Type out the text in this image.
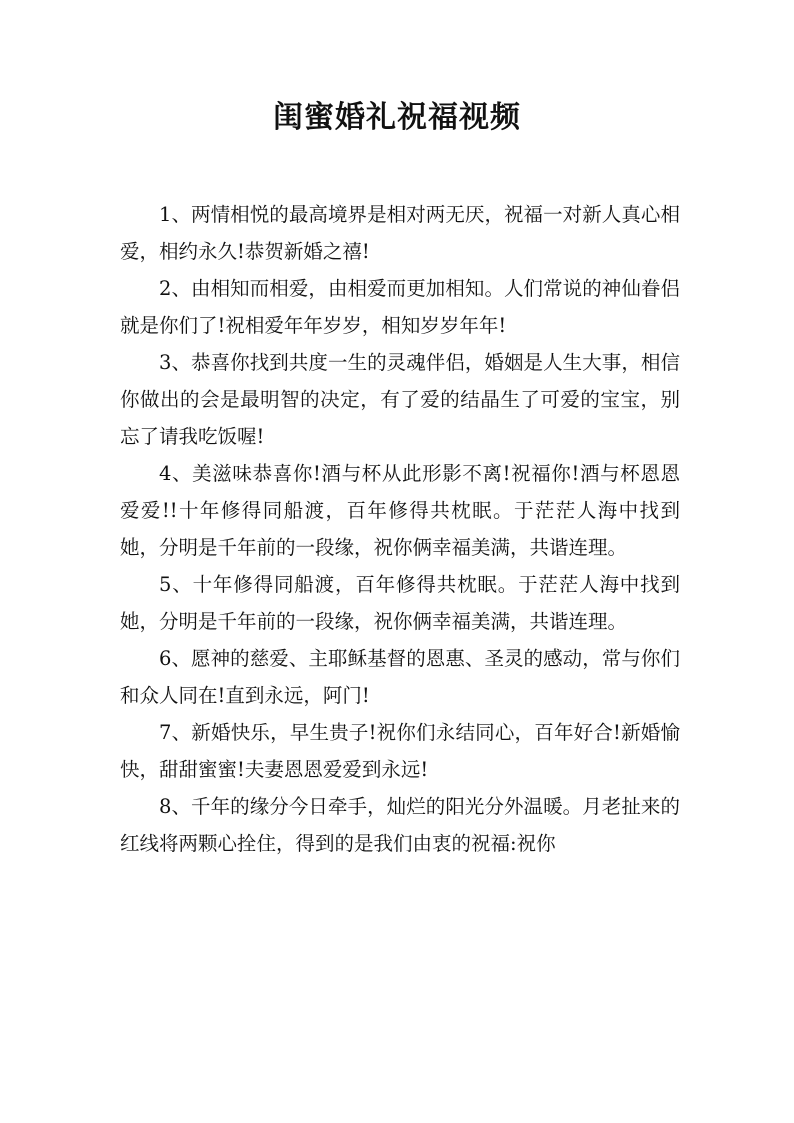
闺蜜婚礼祝福视频

1、两情相悦的最高境界是相对两无厌，祝福一对新人真心相爱，相约永久!恭贺新婚之禧!

2、由相知而相爱，由相爱而更加相知。人们常说的神仙眷侣就是你们了!祝相爱年年岁岁，相知岁岁年年!

3、恭喜你找到共度一生的灵魂伴侣，婚姻是人生大事，相信你做出的会是最明智的决定，有了爱的结晶生了可爱的宝宝，别忘了请我吃饭喔!

4、美滋味恭喜你!酒与杯从此形影不离!祝福你!酒与杯恩恩爱爱!!十年修得同船渡，百年修得共枕眠。于茫茫人海中找到她，分明是千年前的一段缘，祝你俩幸福美满，共谐连理。

5、十年修得同船渡，百年修得共枕眠。于茫茫人海中找到她，分明是千年前的一段缘，祝你俩幸福美满，共谐连理。

6、愿神的慈爱、主耶稣基督的恩惠、圣灵的感动，常与你们和众人同在!直到永远，阿门!

7、新婚快乐，早生贵子!祝你们永结同心，百年好合!新婚愉快，甜甜蜜蜜!夫妻恩恩爱爱到永远!

8、千年的缘分今日牵手，灿烂的阳光分外温暖。月老扯来的红线将两颗心拴住，得到的是我们由衷的祝福:祝你
